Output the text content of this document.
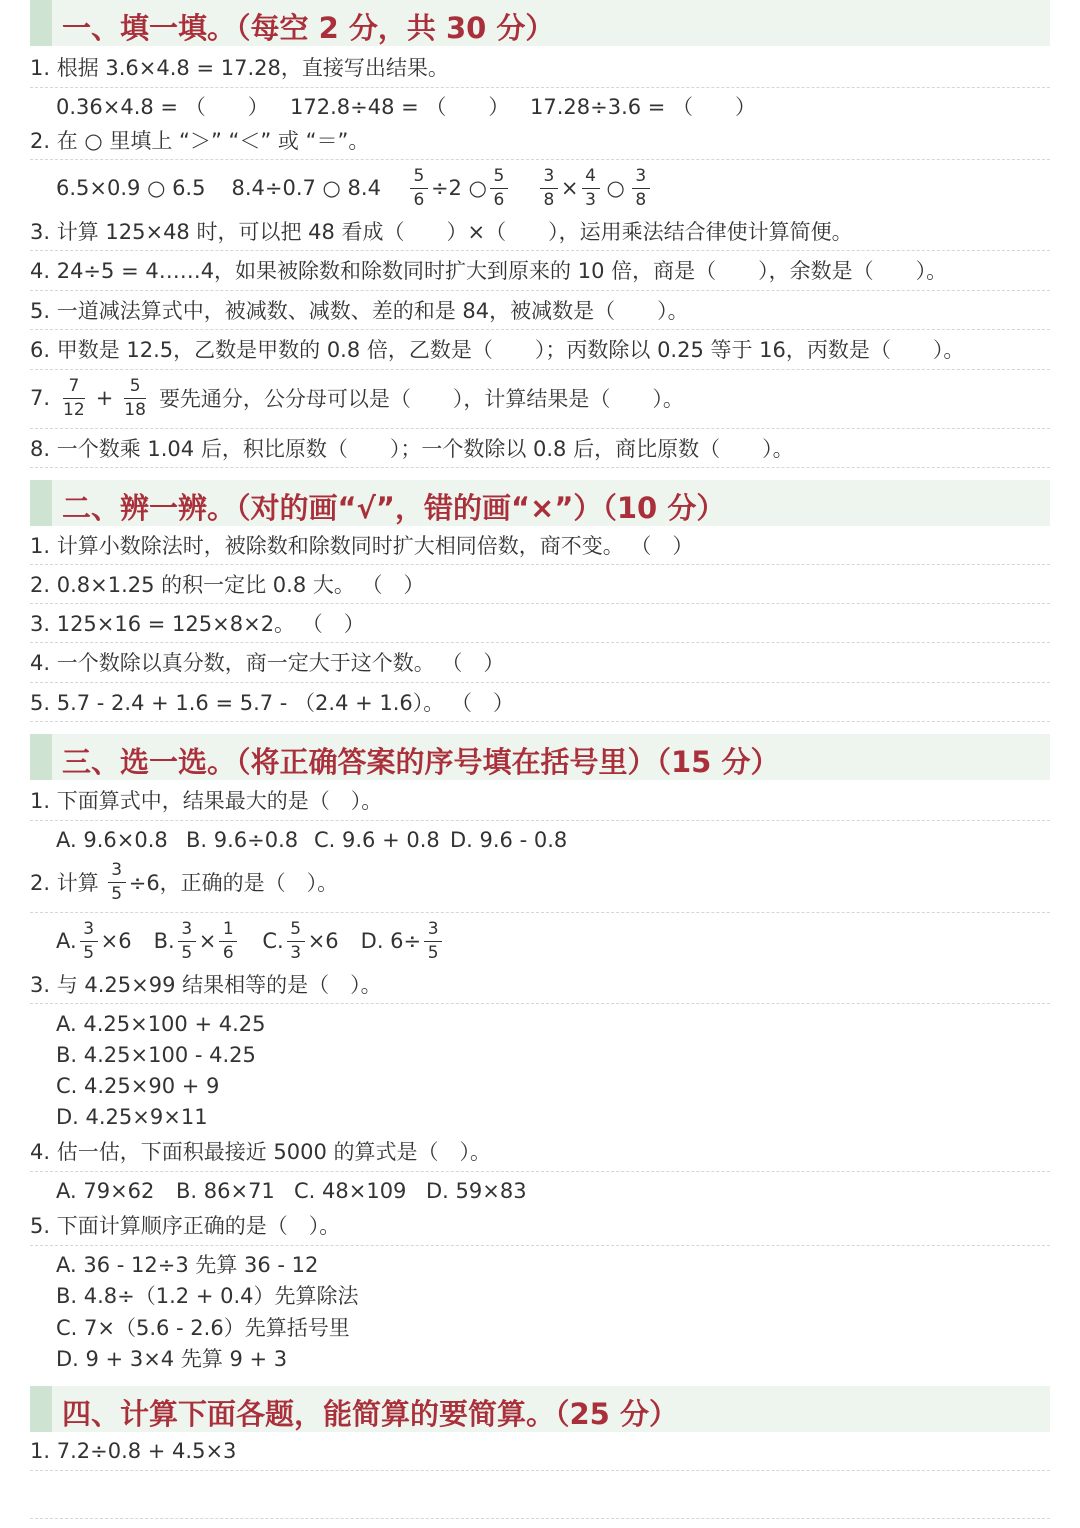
一、填一填。（每空 2 分，共 30 分）
1. 根据 3.6×4.8 = 17.28，直接写出结果。
0.36×4.8 = （　　） 172.8÷48 = （　　） 17.28÷3.6 = （　　）
2. 在 ○ 里填上 “＞” “＜” 或 “＝”。
6.5×0.9 ○ 6.5 8.4÷0.7 ○ 8.4
5
6 ÷2 ○
5
6
3
8 ×
4
3 ○
3
8
3. 计算 125×48 时，可以把 48 看成（　　）×（　　），运用乘法结合律使计算简便。
4. 24÷5 = 4……4，如果被除数和除数同时扩大到原来的 10 倍，商是（　　），余数是（　　）。
5. 一道减法算式中，被减数、减数、差的和是 84，被减数是（　　）。
6. 甲数是 12.5，乙数是甲数的 0.8 倍，乙数是（　　）；丙数除以 0.25 等于 16，丙数是（　　）。
7.
7
12 +
5
18 要先通分，公分母可以是（　　），计算结果是（　　）。
8. 一个数乘 1.04 后，积比原数（　　）；一个数除以 0.8 后，商比原数（　　）。
二、辨一辨。（对的画“√”，错的画“×”）（10 分）
1. 计算小数除法时，被除数和除数同时扩大相同倍数，商不变。 （　）
2. 0.8×1.25 的积一定比 0.8 大。 （　）
3. 125×16 = 125×8×2。 （　）
4. 一个数除以真分数，商一定大于这个数。 （　）
5. 5.7 - 2.4 + 1.6 = 5.7 - （2.4 + 1.6）。 （　）
三、选一选。（将正确答案的序号填在括号里）（15 分）
1. 下面算式中，结果最大的是（　）。
A. 9.6×0.8 B. 9.6÷0.8 C. 9.6 + 0.8 D. 9.6 - 0.8
2. 计算
3
5 ÷6，正确的是（　）。
A.
3
5 ×6 B.
3
5 ×
1
6 C.
5
3 ×6 D. 6÷
3
5
3. 与 4.25×99 结果相等的是（　）。
A. 4.25×100 + 4.25
B. 4.25×100 - 4.25
C. 4.25×90 + 9
D. 4.25×9×11
4. 估一估，下面积最接近 5000 的算式是（　）。
A. 79×62 B. 86×71 C. 48×109 D. 59×83
5. 下面计算顺序正确的是（　）。
A. 36 - 12÷3 先算 36 - 12
B. 4.8÷（1.2 + 0.4）先算除法
C. 7×（5.6 - 2.6）先算括号里
D. 9 + 3×4 先算 9 + 3
四、计算下面各题，能简算的要简算。（25 分）
1. 7.2÷0.8 + 4.5×3
